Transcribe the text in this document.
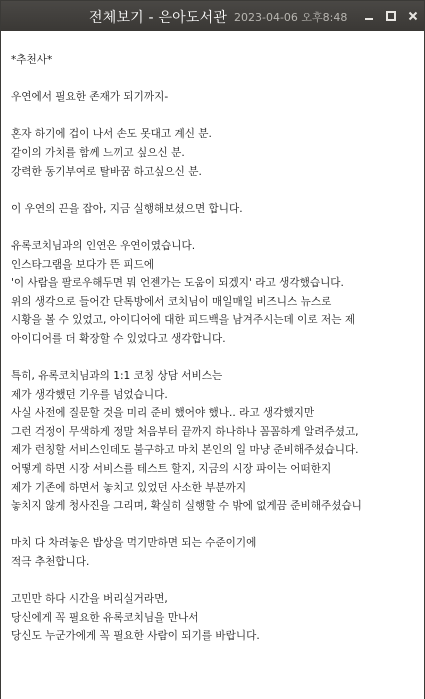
전체보기 - 은아도서관 2023-04-06 오후8:48
*추천사*
우연에서 필요한 존재가 되기까지-
혼자 하기에 겁이 나서 손도 못대고 계신 분.
같이의 가치를 함께 느끼고 싶으신 분.
강력한 동기부여로 탈바꿈 하고싶으신 분.
이 우연의 끈을 잡아, 지금 실행해보셨으면 합니다.
유록코치님과의 인연은 우연이였습니다.
인스타그램을 보다가 뜬 피드에
'이 사람을 팔로우해두면 뭐 언젠가는 도움이 되겠지' 라고 생각했습니다.
위의 생각으로 들어간 단톡방에서 코치님이 매일매일 비즈니스 뉴스로
시황을 볼 수 있었고, 아이디어에 대한 피드백을 남겨주시는데 이로 저는 제
아이디어를 더 확장할 수 있었다고 생각합니다.
특히, 유록코치님과의 1:1 코칭 상담 서비스는
제가 생각했던 기우를 넘었습니다.
사실 사전에 질문할 것을 미리 준비 했어야 했나.. 라고 생각했지만
그런 걱정이 무색하게 정말 처음부터 끝까지 하나하나 꼼꼼하게 알려주셨고,
제가 런칭할 서비스인데도 불구하고 마치 본인의 일 마냥 준비해주셨습니다.
어떻게 하면 시장 서비스를 테스트 할지, 지금의 시장 파이는 어떠한지
제가 기존에 하면서 놓치고 있었던 사소한 부분까지
놓치지 않게 청사진을 그리며, 확실히 실행할 수 밖에 없게끔 준비해주셨습니
마치 다 차려놓은 밥상을 먹기만하면 되는 수준이기에
적극 추천합니다.
고민만 하다 시간을 버리실거라면,
당신에게 꼭 필요한 유록코치님을 만나서
당신도 누군가에게 꼭 필요한 사람이 되기를 바랍니다.
